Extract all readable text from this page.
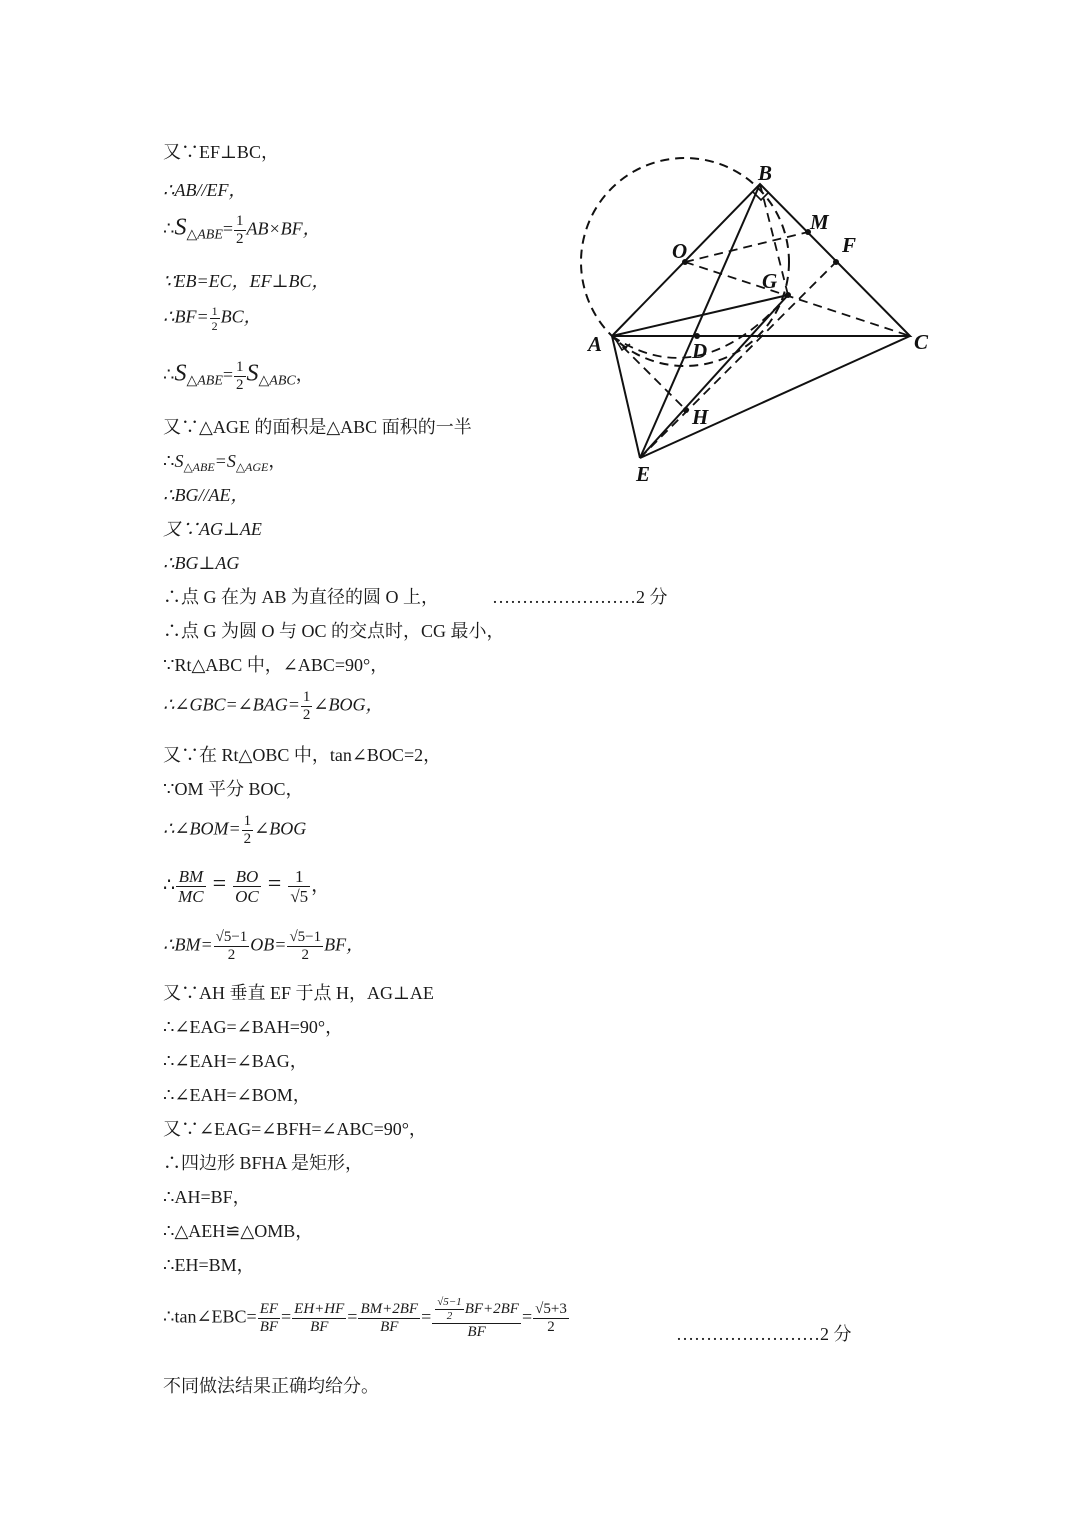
又∵EF⊥BC，
∴AB//EF，
$\therefore S_{\triangle ABE}= \frac{1}{2} AB\times BF$，
∵EB=EC，EF⊥BC，
∴BF= $\frac{1}{2}$ BC，
$\therefore S_{\triangle ABE}= \frac{1}{2} S_{\triangle ABC}$，
又∵△AGE 的面积是△ABC 面积的一半
$\therefore S_{\triangle ABE}=S_{\triangle AGE}$，
∴BG//AE，
又∵AG⊥AE
∴BG⊥AG
∴点 G 在为 AB 为直径的圆 O 上，	……………………2 分
∴点 G 为圆 O 与 OC 的交点时，CG 最小，
∵Rt△ABC 中，∠ABC=90°，
∴∠GBC=∠BAG= $\frac{1}{2}$ ∠BOG，
又∵在 Rt△OBC 中，tan∠BOC=2，
∵OM 平分 BOC，
∴∠BOM= $\frac{1}{2}$ ∠BOG
∴ $\frac{BM}{MC} = \frac{BO}{OC} = \frac{1}{√5}$ ，
∴BM= $\frac{√5-1}{2} OB= \frac{√5-1}{2}$ BF，
又∵AH 垂直 EF 于点 H，AG⊥AE
∴∠EAG=∠BAH=90°，
∴∠EAH=∠BAG，
∴∠EAH=∠BOM，
又∵∠EAG=∠BFH=∠ABC=90°，
∴四边形 BFHA 是矩形，
∴AH=BF，
∴△AEH≌△OMB，
∴EH=BM，
∴tan∠EBC= $\frac{EF}{BF} = \frac{EH+HF}{BF} = \frac{BM+2BF}{BF} = \frac{\frac{√5-1}{2} BF+2BF}{BF} = \frac{√5+3}{2}$	……………………2 分
不同做法结果正确均给分。
B
M
F
O
G
A	D	C
H
E
